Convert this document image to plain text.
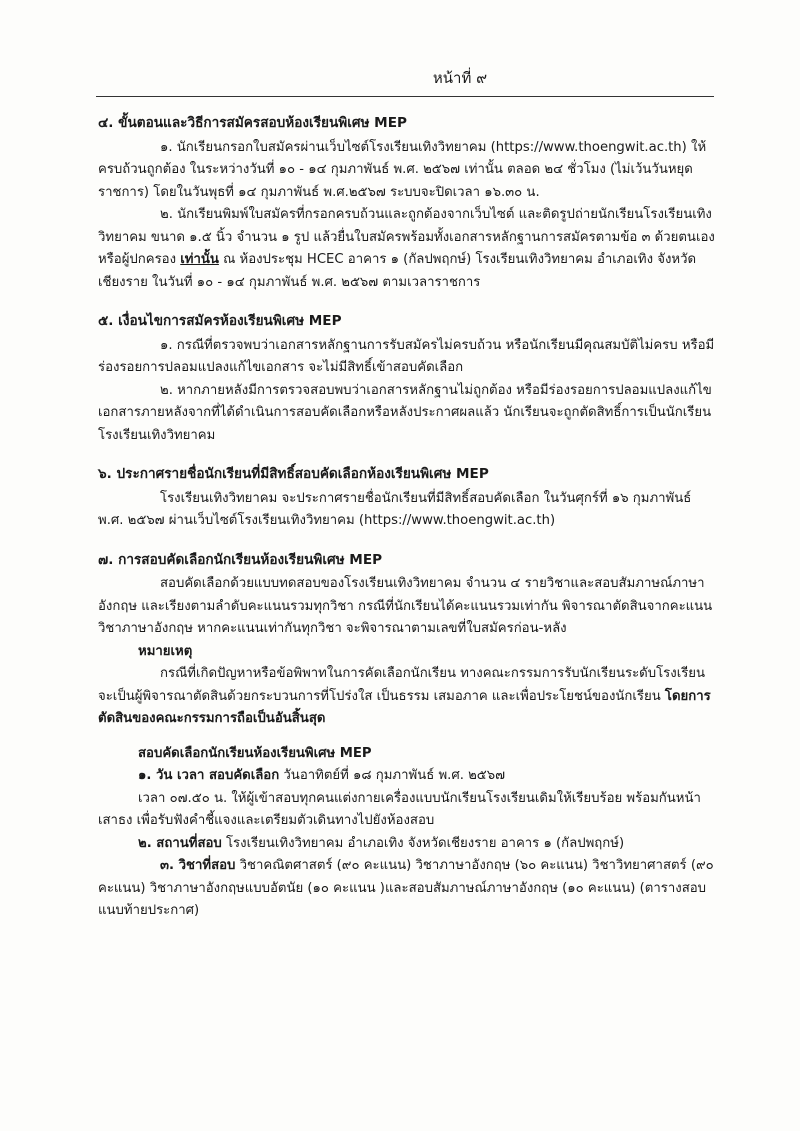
หน้าที่ ๙

๔. ขั้นตอนและวิธีการสมัครสอบห้องเรียนพิเศษ MEP

๑. นักเรียนกรอกใบสมัครผ่านเว็บไซต์โรงเรียนเทิงวิทยาคม (https://www.thoengwit.ac.th) ให้ครบถ้วนถูกต้อง ในระหว่างวันที่ ๑๐ - ๑๔ กุมภาพันธ์ พ.ศ. ๒๕๖๗ เท่านั้น ตลอด ๒๔ ชั่วโมง (ไม่เว้นวันหยุดราชการ) โดยในวันพุธที่ ๑๔ กุมภาพันธ์ พ.ศ.๒๕๖๗ ระบบจะปิดเวลา ๑๖.๓๐ น.

๒. นักเรียนพิมพ์ใบสมัครที่กรอกครบถ้วนและถูกต้องจากเว็บไซต์ และติดรูปถ่ายนักเรียนโรงเรียนเทิงวิทยาคม ขนาด ๑.๕ นิ้ว จำนวน ๑ รูป แล้วยื่นใบสมัครพร้อมทั้งเอกสารหลักฐานการสมัครตามข้อ ๓ ด้วยตนเองหรือผู้ปกครอง เท่านั้น ณ ห้องประชุม HCEC อาคาร ๑ (กัลปพฤกษ์) โรงเรียนเทิงวิทยาคม อำเภอเทิง จังหวัดเชียงราย ในวันที่ ๑๐ - ๑๔ กุมภาพันธ์ พ.ศ. ๒๕๖๗ ตามเวลาราชการ

๕. เงื่อนไขการสมัครห้องเรียนพิเศษ MEP

๑. กรณีที่ตรวจพบว่าเอกสารหลักฐานการรับสมัครไม่ครบถ้วน หรือนักเรียนมีคุณสมบัติไม่ครบ หรือมีร่องรอยการปลอมแปลงแก้ไขเอกสาร จะไม่มีสิทธิ์เข้าสอบคัดเลือก

๒. หากภายหลังมีการตรวจสอบพบว่าเอกสารหลักฐานไม่ถูกต้อง หรือมีร่องรอยการปลอมแปลงแก้ไขเอกสารภายหลังจากที่ได้ดำเนินการสอบคัดเลือกหรือหลังประกาศผลแล้ว นักเรียนจะถูกตัดสิทธิ์การเป็นนักเรียนโรงเรียนเทิงวิทยาคม

๖. ประกาศรายชื่อนักเรียนที่มีสิทธิ์สอบคัดเลือกห้องเรียนพิเศษ MEP

โรงเรียนเทิงวิทยาคม จะประกาศรายชื่อนักเรียนที่มีสิทธิ์สอบคัดเลือก ในวันศุกร์ที่ ๑๖ กุมภาพันธ์ พ.ศ. ๒๕๖๗ ผ่านเว็บไซต์โรงเรียนเทิงวิทยาคม (https://www.thoengwit.ac.th)

๗. การสอบคัดเลือกนักเรียนห้องเรียนพิเศษ MEP

สอบคัดเลือกด้วยแบบทดสอบของโรงเรียนเทิงวิทยาคม จำนวน ๔ รายวิชาและสอบสัมภาษณ์ภาษาอังกฤษ และเรียงตามลำดับคะแนนรวมทุกวิชา กรณีที่นักเรียนได้คะแนนรวมเท่ากัน พิจารณาตัดสินจากคะแนนวิชาภาษาอังกฤษ หากคะแนนเท่ากันทุกวิชา จะพิจารณาตามเลขที่ใบสมัครก่อน-หลัง

หมายเหตุ

กรณีที่เกิดปัญหาหรือข้อพิพาทในการคัดเลือกนักเรียน ทางคณะกรรมการรับนักเรียนระดับโรงเรียนจะเป็นผู้พิจารณาตัดสินด้วยกระบวนการที่โปร่งใส เป็นธรรม เสมอภาค และเพื่อประโยชน์ของนักเรียน โดยการตัดสินของคณะกรรมการถือเป็นอันสิ้นสุด

สอบคัดเลือกนักเรียนห้องเรียนพิเศษ MEP

๑. วัน เวลา สอบคัดเลือก วันอาทิตย์ที่ ๑๘ กุมภาพันธ์ พ.ศ. ๒๕๖๗

เวลา ๐๗.๕๐ น. ให้ผู้เข้าสอบทุกคนแต่งกายเครื่องแบบนักเรียนโรงเรียนเดิมให้เรียบร้อย พร้อมกันหน้าเสาธง เพื่อรับฟังคำชี้แจงและเตรียมตัวเดินทางไปยังห้องสอบ

๒. สถานที่สอบ โรงเรียนเทิงวิทยาคม อำเภอเทิง จังหวัดเชียงราย อาคาร ๑ (กัลปพฤกษ์)

๓. วิชาที่สอบ วิชาคณิตศาสตร์ (๙๐ คะแนน) วิชาภาษาอังกฤษ (๖๐ คะแนน) วิชาวิทยาศาสตร์ (๙๐ คะแนน) วิชาภาษาอังกฤษแบบอัตนัย (๑๐ คะแนน )และสอบสัมภาษณ์ภาษาอังกฤษ (๑๐ คะแนน) (ตารางสอบแนบท้ายประกาศ)
